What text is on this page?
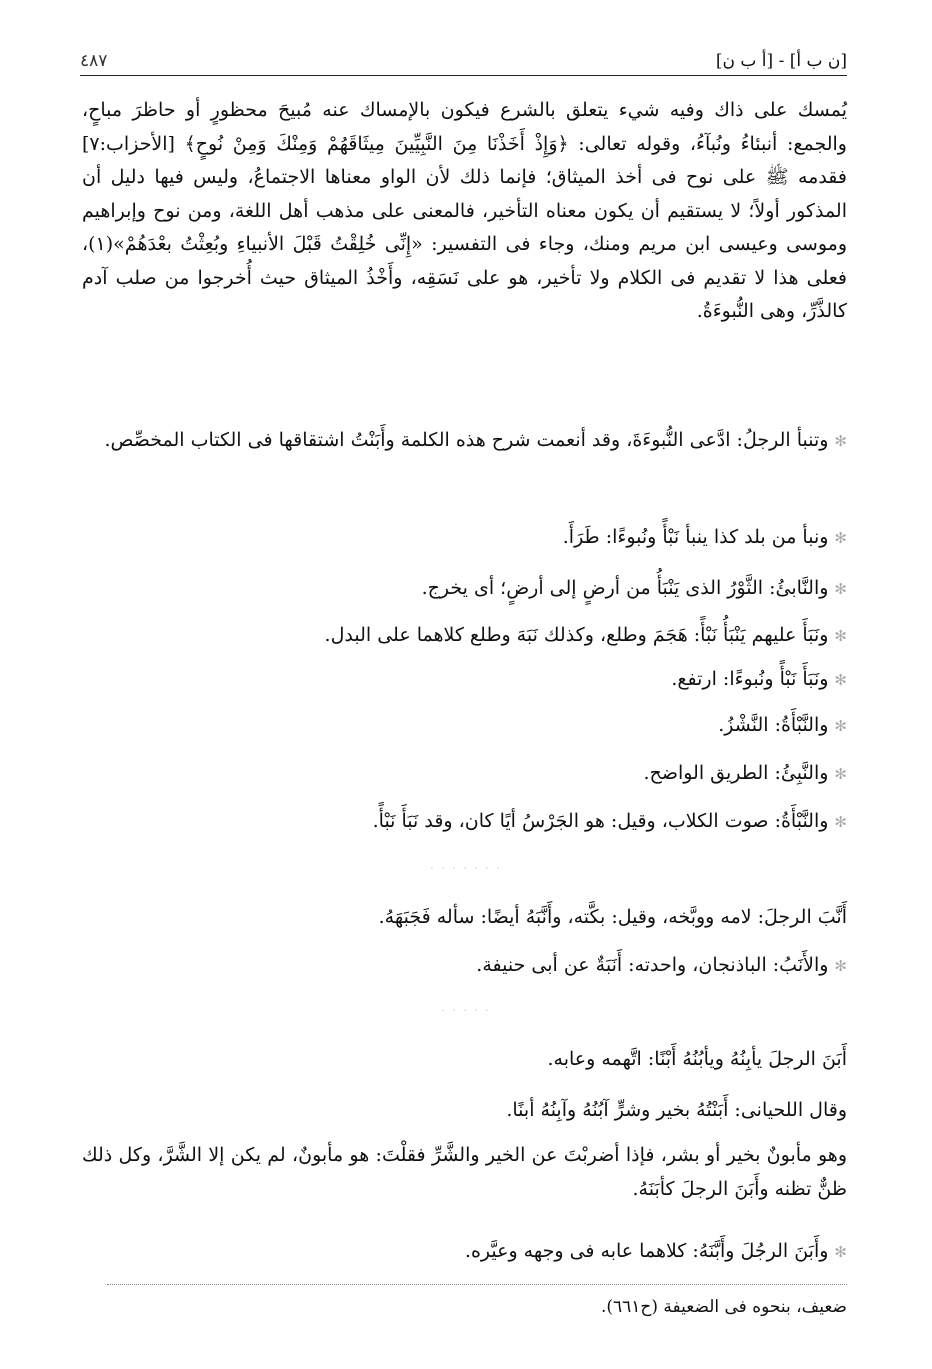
[ن ب أ] - [أ ب ن]
٤٨٧
يُمسك على ذاك وفيه شيء يتعلق بالشرع فيكون بالإمساك عنه مُبيحَ محظورٍ أو حاظرَ مباحٍ، والجمع: أنبئاءُ ونُبآءُ، وقوله تعالى: ﴿وَإِذْ أَخَذْنَا مِنَ النَّبِيِّينَ مِيثَاقَهُمْ وَمِنْكَ وَمِنْ نُوحٍ﴾ [الأحزاب:٧] فقدمه ﷺ على نوح فى أخذ الميثاق؛ فإنما ذلك لأن الواو معناها الاجتماعُ، وليس فيها دليل أن المذكور أولاً؛ لا يستقيم أن يكون معناه التأخير، فالمعنى على مذهب أهل اللغة، ومن نوح وإبراهيم وموسى وعيسى ابن مريم ومنك، وجاء فى التفسير: «إِنِّى خُلِقْتُ قَبْلَ الأنبياءِ وبُعِثْتُ بعْدَهُمْ»(١)، فعلى هذا لا تقديم فى الكلام ولا تأخير، هو على نَسَقِه، وأَخْذُ الميثاق حيث أُخرجوا من صلب آدم كالذَّرِّ، وهى النُّبوءَةُ.
✻وتنبأ الرجلُ: ادَّعى النُّبوءَةَ، وقد أنعمت شرح هذه الكلمة وأَبَنْتُ اشتقاقها فى الكتاب المخصِّص.
✻ونبأ من بلد كذا ينبأ نَبْأً ونُبوءًا: طَرَأَ.
✻والنَّابئُ: الثَّوْرُ الذى يَنْبَأُ من أرضٍ إلى أرضٍ؛ أى يخرج.
✻ونَبَأَ عليهم يَنْبَأُ نَبْأً: هَجَمَ وطلع، وكذلك نَبَهَ وطلع كلاهما على البدل.
✻ونَبَأَ نَبْأً ونُبوءًا: ارتفع.
✻والنَّبْأَةُ: النَّشْزُ.
✻والنَّبِئُ: الطريق الواضح.
✻والنَّبْأَةُ: صوت الكلاب، وقيل: هو الجَرْسُ أيًا كان، وقد نَبَأَ نَبْأً.
· · · · · · ·
أَنَّبَ الرجلَ: لامه ووبَّخه، وقيل: بكَّته، وأَنَّبَهُ أيضًا: سأله فَجَبَهَهُ.
✻والأَنَبُ: الباذنجان، واحدته: أَنَبَةٌ عن أبى حنيفة.
· · · · ·
أَبَنَ الرجلَ يأبِنُهُ ويأبُنُهُ أَبْنًا: اتَّهمه وعابه.
وقال اللحيانى: أَبَنْتُهُ بخير وشرٍّ آبُنُهُ وآبِنُهُ أبنًا.
وهو مأبونٌ بخير أو بشر، فإذا أضربْتَ عن الخير والشَّرِّ فقلْتَ: هو مأبونٌ، لم يكن إلا الشَّرَّ، وكل ذلك ظنٌّ تظنه وأَبَنَ الرجلَ كأبَنَهُ.
✻وأَبَنَ الرجُلَ وأَبَّنَهُ: كلاهما عابه فى وجهه وعيَّره.
ضعيف، بنحوه فى الضعيفة (ح٦٦١).
